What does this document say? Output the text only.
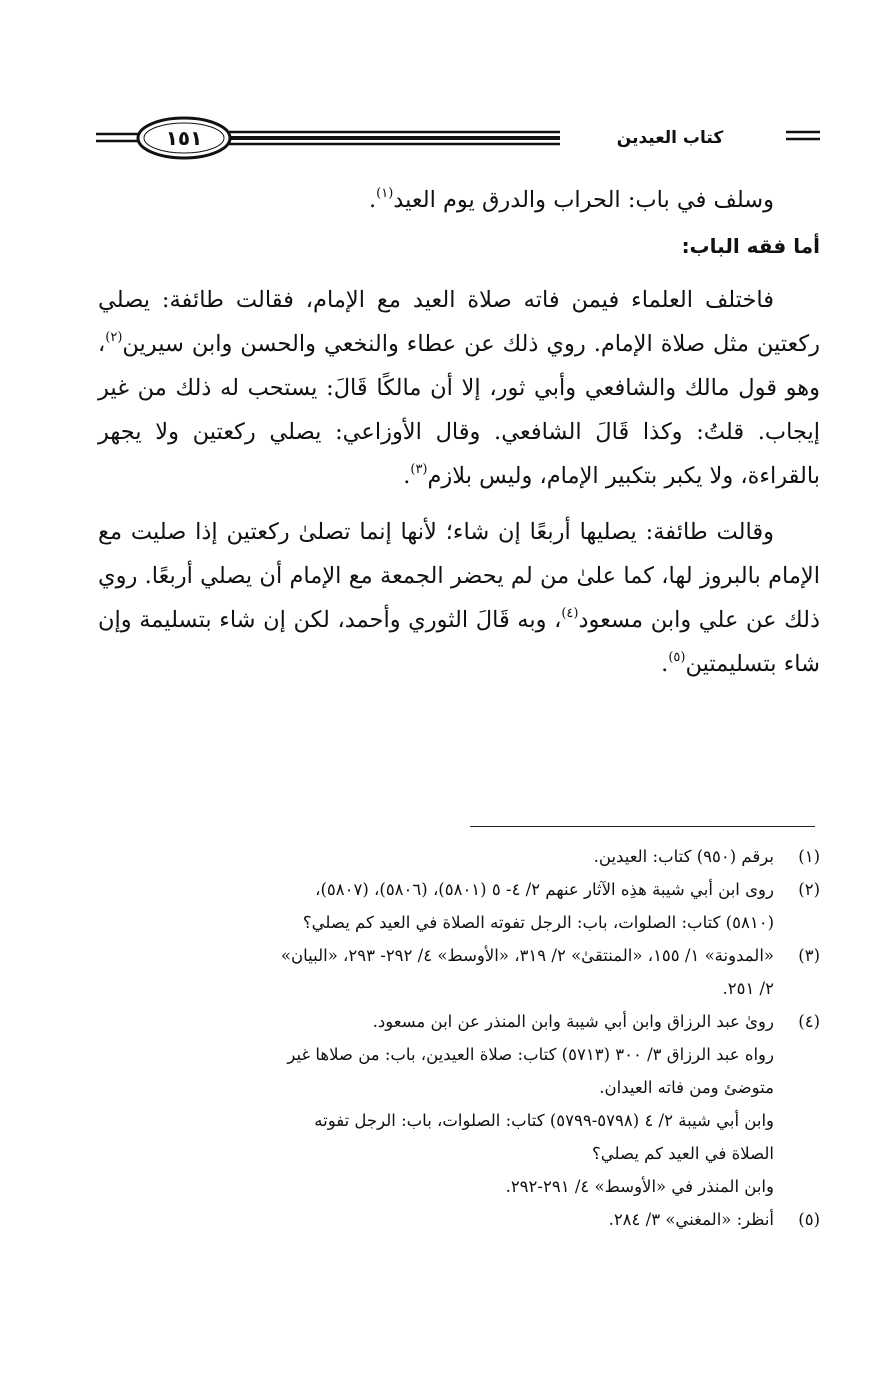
١٥١	كتاب العيدين

وسلف في باب: الحراب والدرق يوم العيد$^{(١)}$.

أما فقه الباب:

فاختلف العلماء فيمن فاته صلاة العيد مع الإمام، فقالت طائفة: يصلي ركعتين مثل صلاة الإمام. روي ذلك عن عطاء والنخعي والحسن وابن سيرين$^{(٢)}$، وهو قول مالك والشافعي وأبي ثور، إلا أن مالكًا قَالَ: يستحب له ذلك من غير إيجاب. قلتُ: وكذا قَالَ الشافعي. وقال الأوزاعي: يصلي ركعتين ولا يجهر بالقراءة، ولا يكبر بتكبير الإمام، وليس بلازم$^{(٣)}$.

وقالت طائفة: يصليها أربعًا إن شاء؛ لأنها إنما تصلىٰ ركعتين إذا صليت مع الإمام بالبروز لها، كما علىٰ من لم يحضر الجمعة مع الإمام أن يصلي أربعًا. روي ذلك عن علي وابن مسعود$^{(٤)}$، وبه قَالَ الثوري وأحمد، لكن إن شاء بتسليمة وإن شاء بتسليمتين$^{(٥)}$.

(١)
برقم (٩٥٠) كتاب: العيدين.
(٢)
روى ابن أبي شيبة هذِه الآثار عنهم ٢/ ٤- ٥ (٥٨٠١)، (٥٨٠٦)، (٥٨٠٧)،
(٥٨١٠) كتاب: الصلوات، باب: الرجل تفوته الصلاة في العيد كم يصلي؟
(٣)
«المدونة» ١/ ١٥٥، «المنتقىٰ» ٢/ ٣١٩، «الأوسط» ٤/ ٢٩٢- ٢٩٣، «البيان»
٢/ ٢٥١.
(٤)
رویٰ عبد الرزاق وابن أبي شيبة وابن المنذر عن ابن مسعود.
رواه عبد الرزاق ٣/ ٣٠٠ (٥٧١٣) كتاب: صلاة العيدين، باب: من صلاها غير
متوضئ ومن فاته العيدان.
وابن أبي شيبة ٢/ ٤ (٥٧٩٨-٥٧٩٩) كتاب: الصلوات، باب: الرجل تفوته
الصلاة في العيد كم يصلي؟
وابن المنذر في «الأوسط» ٤/ ٢٩١-٢٩٢.
(٥)
أنظر: «المغني» ٣/ ٢٨٤.
